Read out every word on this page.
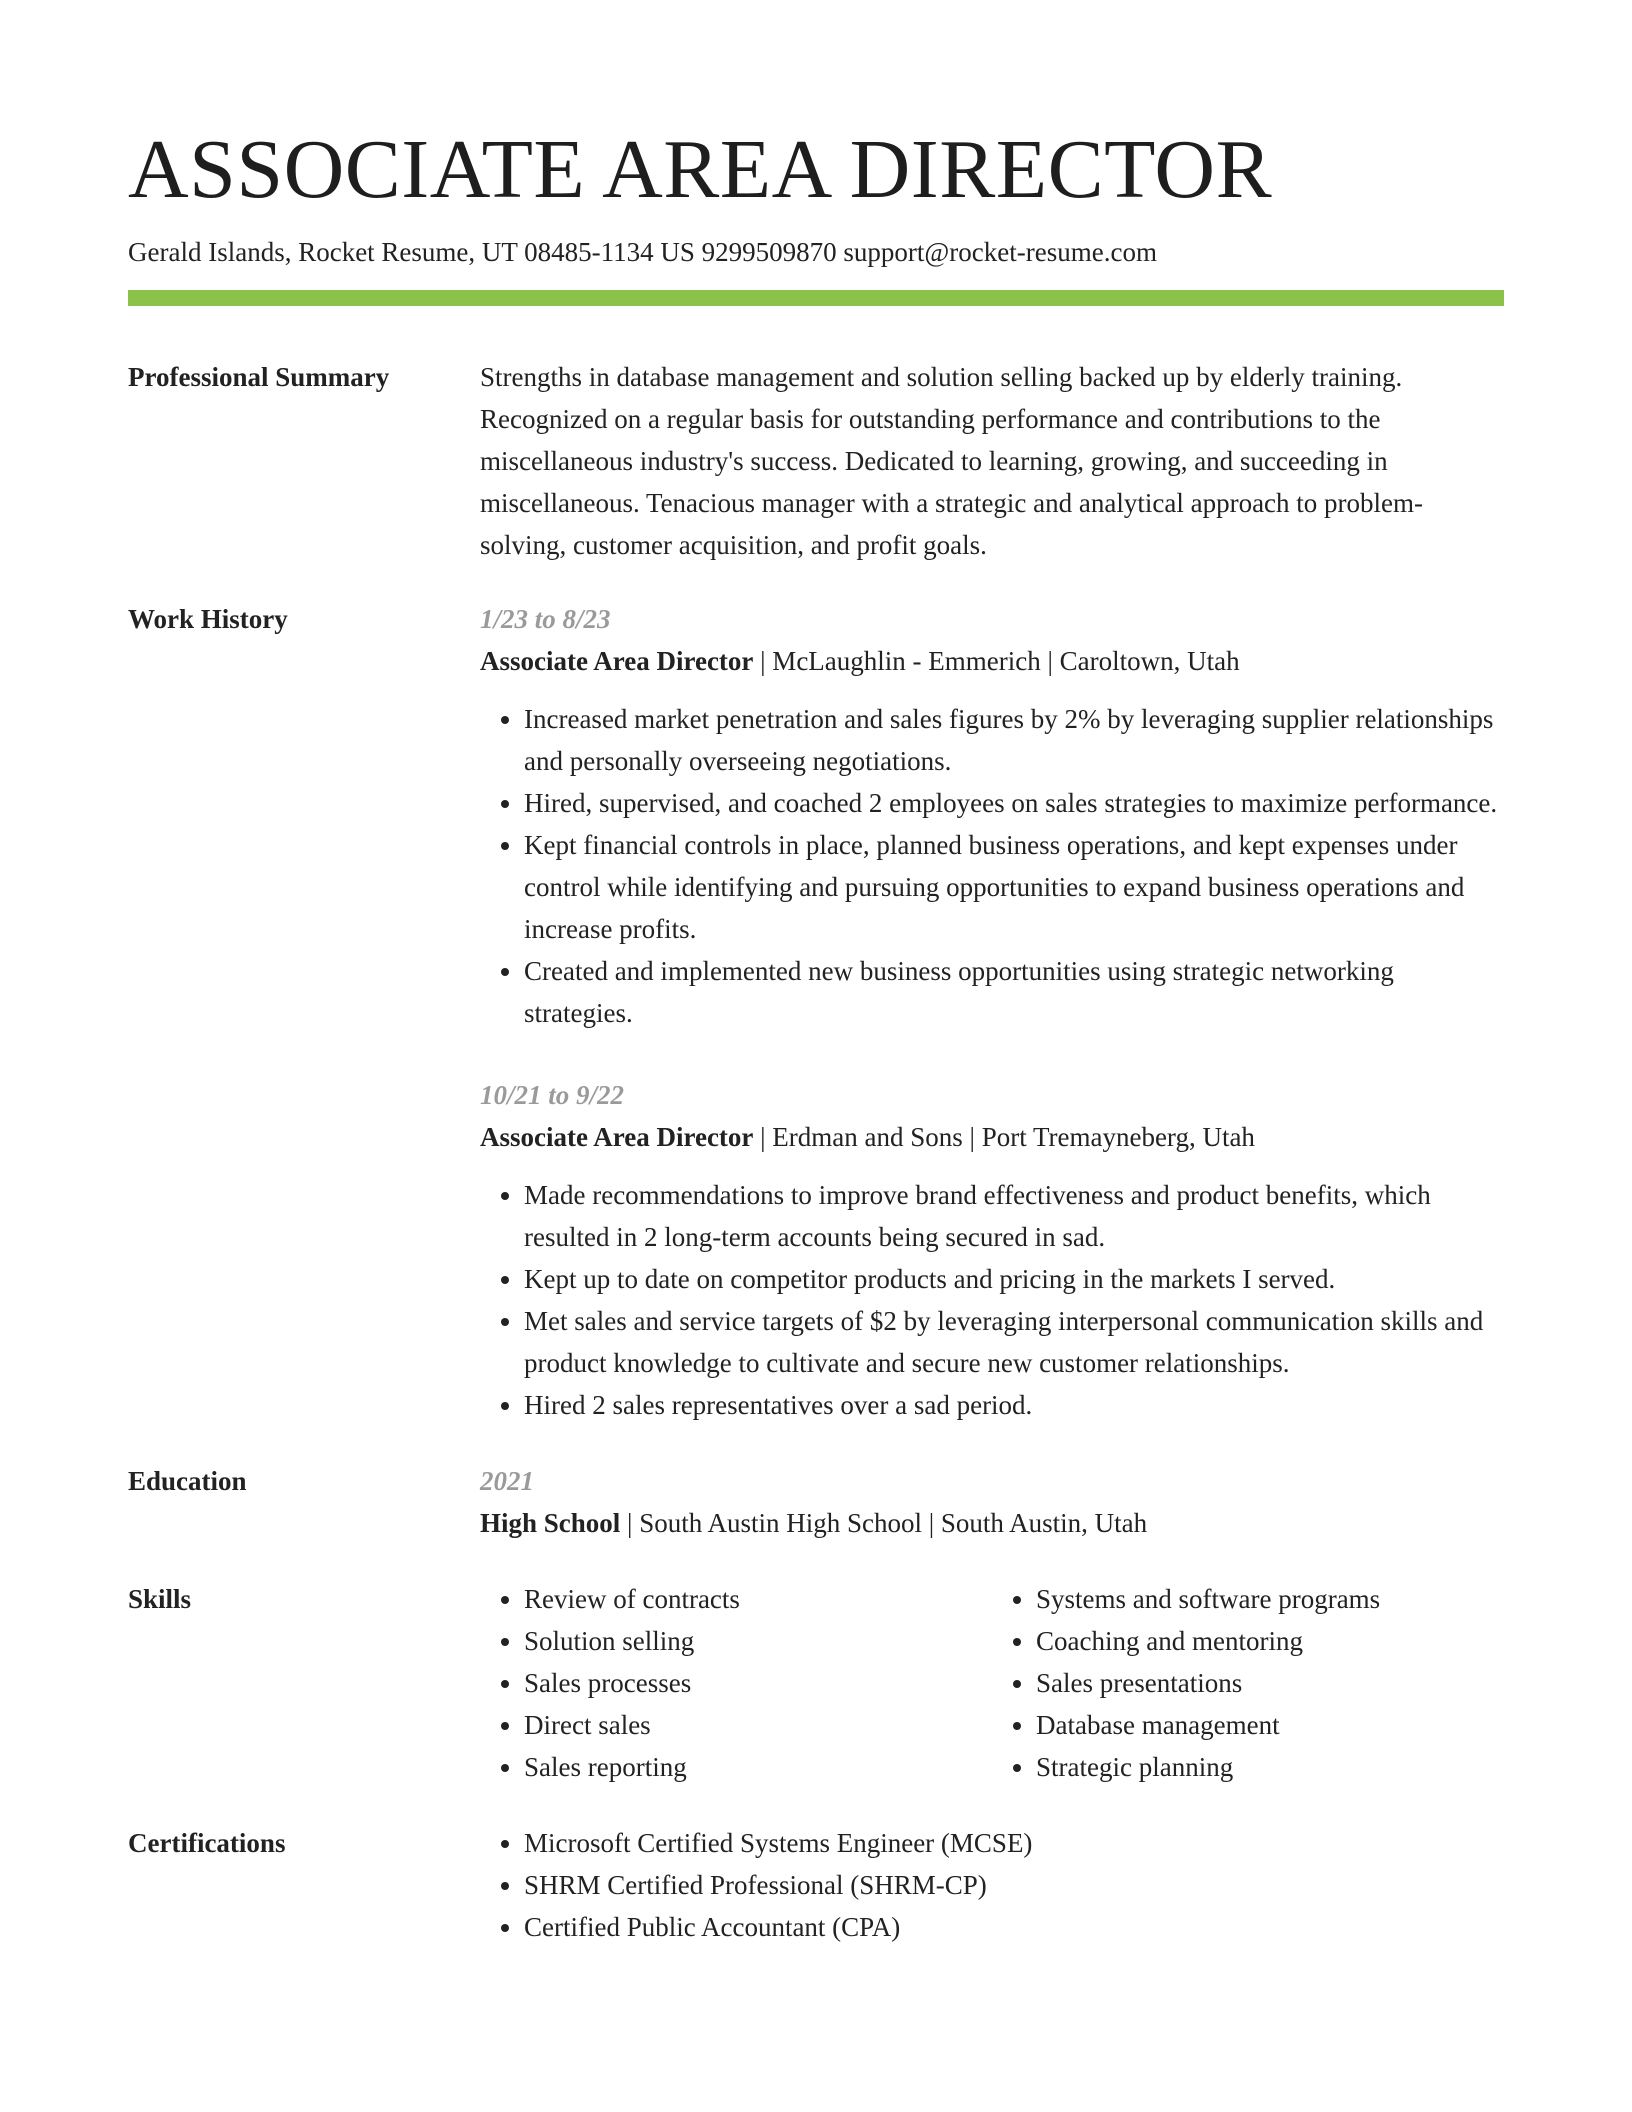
ASSOCIATE AREA DIRECTOR
Gerald Islands, Rocket Resume, UT 08485-1134 US 9299509870 support@rocket-resume.com
Professional Summary	Strengths in database management and solution selling backed up by elderly training. Recognized on a regular basis for outstanding performance and contributions to the miscellaneous industry's success. Dedicated to learning, growing, and succeeding in miscellaneous. Tenacious manager with a strategic and analytical approach to problem-solving, customer acquisition, and profit goals.

Work History	1/23 to 8/23
Associate Area Director | McLaughlin - Emmerich | Caroltown, Utah
• Increased market penetration and sales figures by 2% by leveraging supplier relationships and personally overseeing negotiations.
• Hired, supervised, and coached 2 employees on sales strategies to maximize performance.
• Kept financial controls in place, planned business operations, and kept expenses under control while identifying and pursuing opportunities to expand business operations and increase profits.
• Created and implemented new business opportunities using strategic networking strategies.
10/21 to 9/22
Associate Area Director | Erdman and Sons | Port Tremayneberg, Utah
• Made recommendations to improve brand effectiveness and product benefits, which resulted in 2 long-term accounts being secured in sad.
• Kept up to date on competitor products and pricing in the markets I served.
• Met sales and service targets of $2 by leveraging interpersonal communication skills and product knowledge to cultivate and secure new customer relationships.
• Hired 2 sales representatives over a sad period.
Education	2021
High School | South Austin High School | South Austin, Utah
Skills	• Review of contracts
• Solution selling
• Sales processes
• Direct sales
• Sales reporting
• Systems and software programs
• Coaching and mentoring
• Sales presentations
• Database management
• Strategic planning
Certifications	• Microsoft Certified Systems Engineer (MCSE)
• SHRM Certified Professional (SHRM-CP)
• Certified Public Accountant (CPA)
